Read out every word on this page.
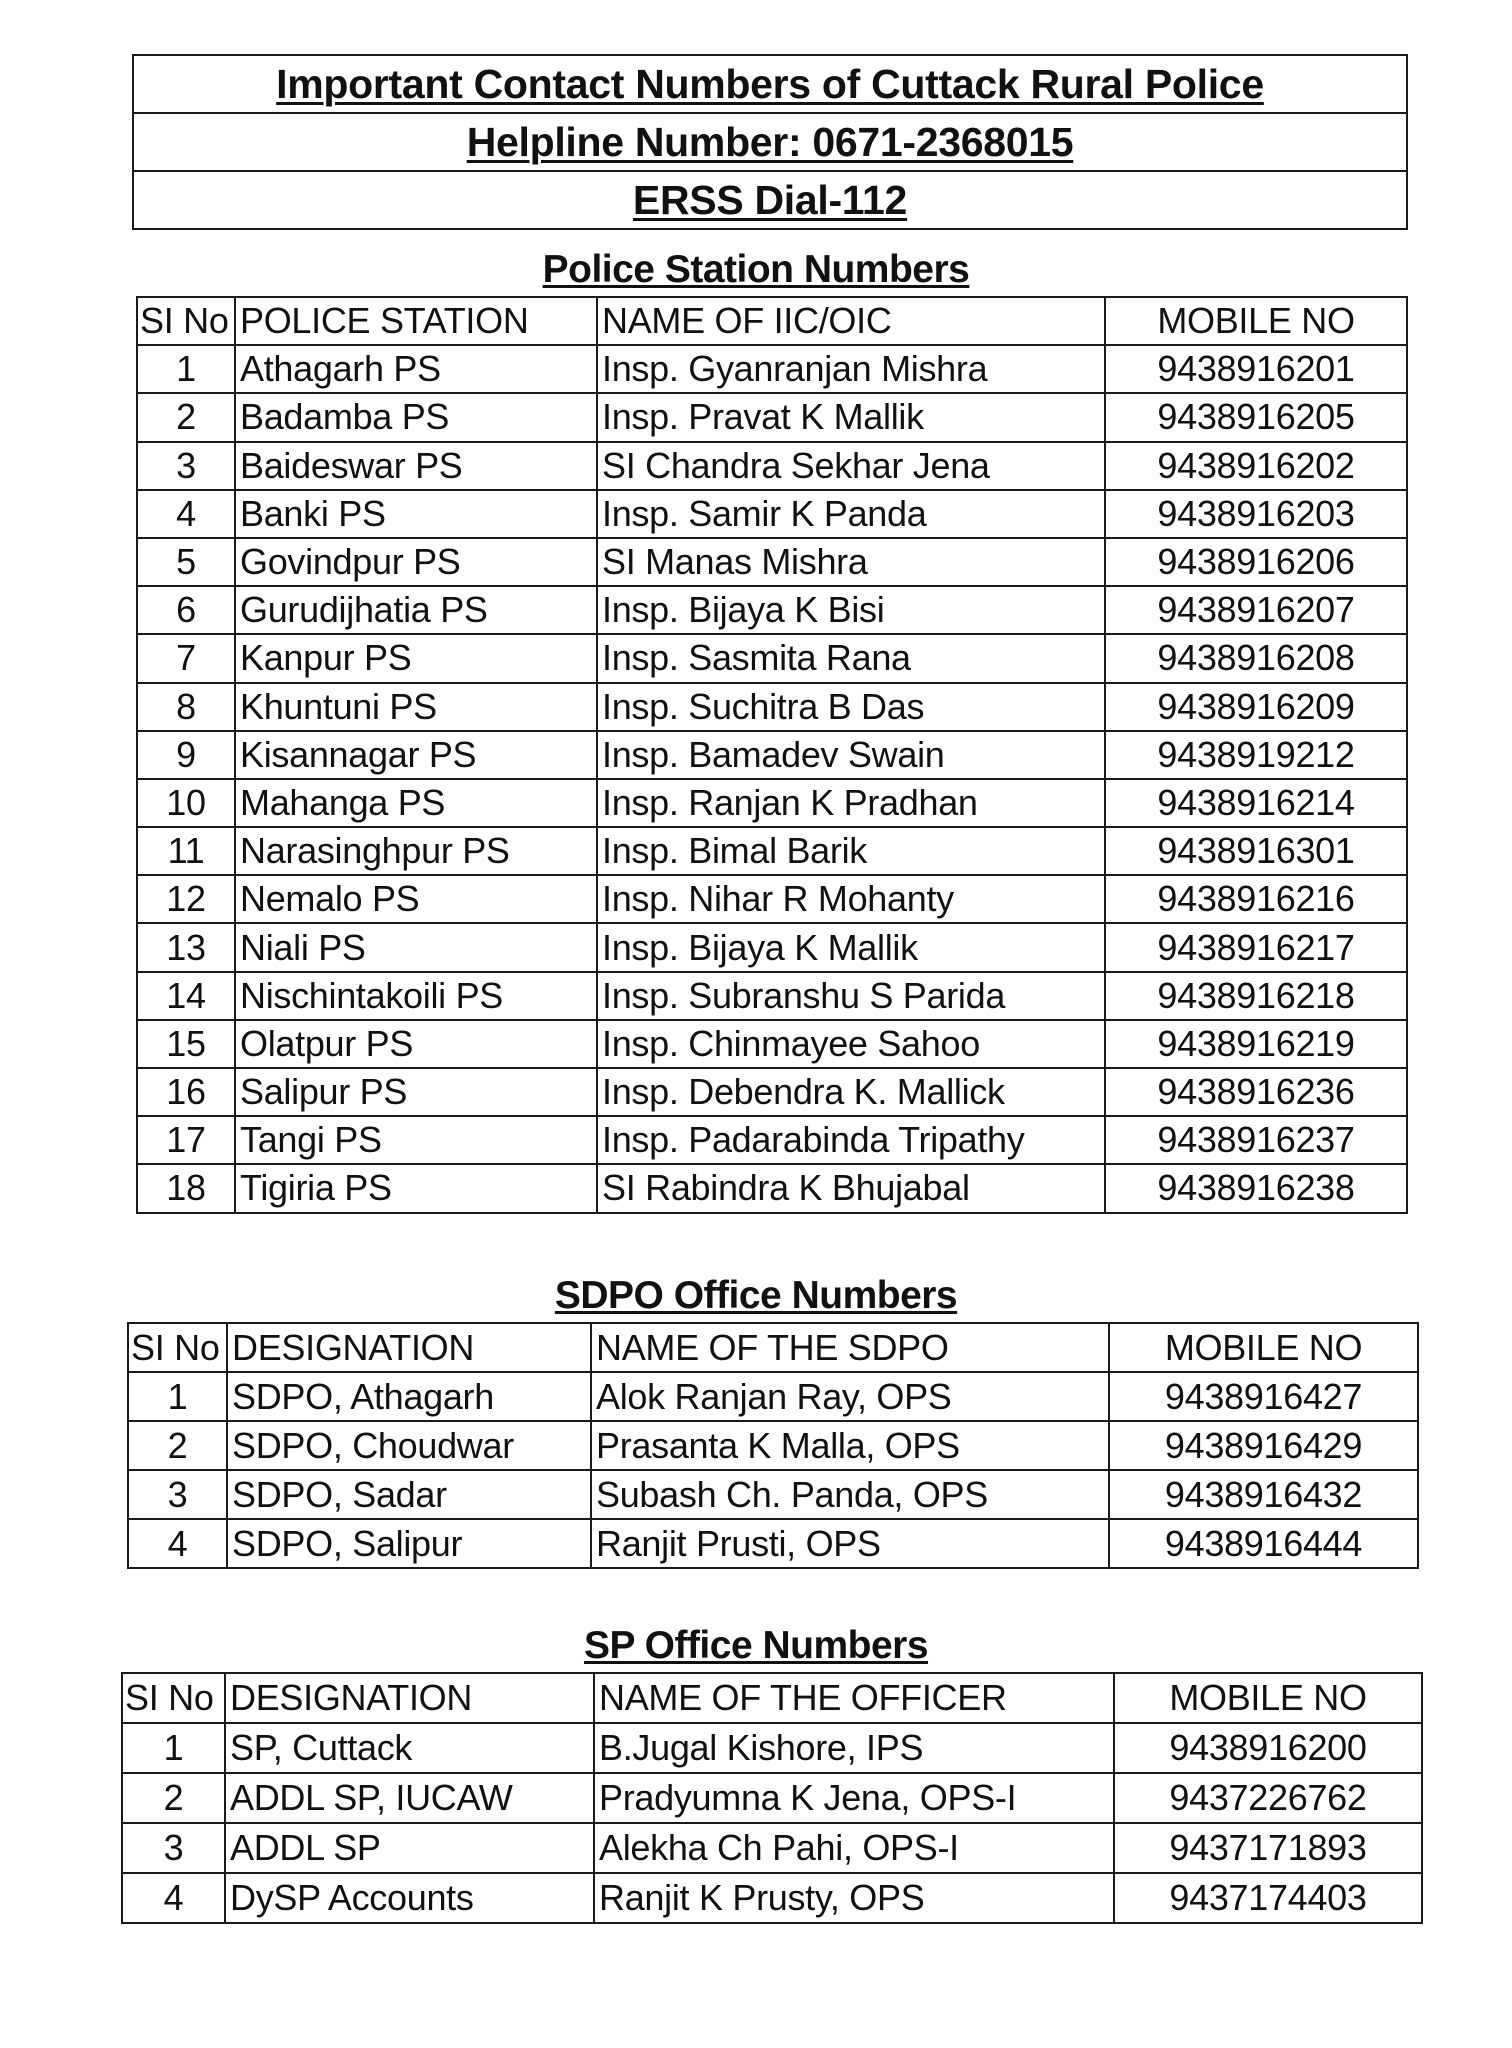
Important Contact Numbers of Cuttack Rural Police
Helpline Number: 0671-2368015
ERSS Dial-112
Police Station Numbers
SI No	POLICE STATION	NAME OF IIC/OIC	MOBILE NO
1	Athagarh PS	Insp. Gyanranjan Mishra	9438916201
2	Badamba PS	Insp. Pravat K Mallik	9438916205
3	Baideswar PS	SI Chandra Sekhar Jena	9438916202
4	Banki PS	Insp. Samir K Panda	9438916203
5	Govindpur PS	SI Manas Mishra	9438916206
6	Gurudijhatia PS	Insp. Bijaya K Bisi	9438916207
7	Kanpur PS	Insp. Sasmita Rana	9438916208
8	Khuntuni PS	Insp. Suchitra B Das	9438916209
9	Kisannagar PS	Insp. Bamadev Swain	9438919212
10	Mahanga PS	Insp. Ranjan K Pradhan	9438916214
11	Narasinghpur PS	Insp. Bimal Barik	9438916301
12	Nemalo PS	Insp. Nihar R Mohanty	9438916216
13	Niali PS	Insp. Bijaya K Mallik	9438916217
14	Nischintakoili PS	Insp. Subranshu S Parida	9438916218
15	Olatpur PS	Insp. Chinmayee Sahoo	9438916219
16	Salipur PS	Insp. Debendra K. Mallick	9438916236
17	Tangi PS	Insp. Padarabinda Tripathy	9438916237
18	Tigiria PS	SI Rabindra K Bhujabal	9438916238
SDPO Office Numbers
SI No	DESIGNATION	NAME OF THE SDPO	MOBILE NO
1	SDPO, Athagarh	Alok Ranjan Ray, OPS	9438916427
2	SDPO, Choudwar	Prasanta K Malla, OPS	9438916429
3	SDPO, Sadar	Subash Ch. Panda, OPS	9438916432
4	SDPO, Salipur	Ranjit Prusti, OPS	9438916444
SP Office Numbers
SI No	DESIGNATION	NAME OF THE OFFICER	MOBILE NO
1	SP, Cuttack	B.Jugal Kishore, IPS	9438916200
2	ADDL SP, IUCAW	Pradyumna K Jena, OPS-I	9437226762
3	ADDL SP	Alekha Ch Pahi, OPS-I	9437171893
4	DySP Accounts	Ranjit K Prusty, OPS	9437174403
